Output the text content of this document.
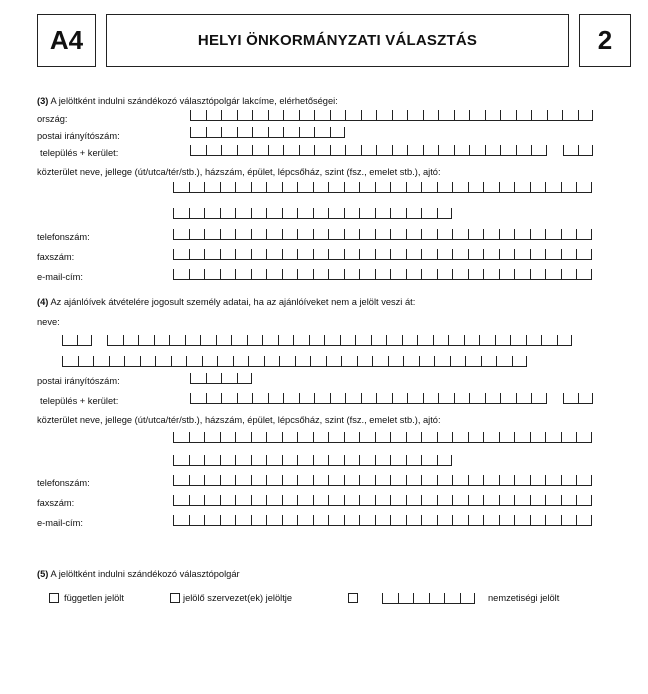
A4	HELYI ÖNKORMÁNYZATI VÁLASZTÁS	2
(3) A jelöltként indulni szándékozó választópolgár lakcíme, elérhetőségei:
ország:
postai irányítószám:
település + kerület:
közterület neve, jellege (út/utca/tér/stb.), házszám, épület, lépcsőház, szint (fsz., emelet stb.), ajtó:
telefonszám:
faxszám:
e-mail-cím:
(4) Az ajánlóívek átvételére jogosult személy adatai, ha az ajánlóíveket nem a jelölt veszi át:
neve:
postai irányítószám:
település + kerület:
közterület neve, jellege (út/utca/tér/stb.), házszám, épület, lépcsőház, szint (fsz., emelet stb.), ajtó:
telefonszám:
faxszám:
e-mail-cím:
(5) A jelöltként indulni szándékozó választópolgár
független jelölt	jelölő szervezet(ek) jelöltje	nemzetiségi jelölt
